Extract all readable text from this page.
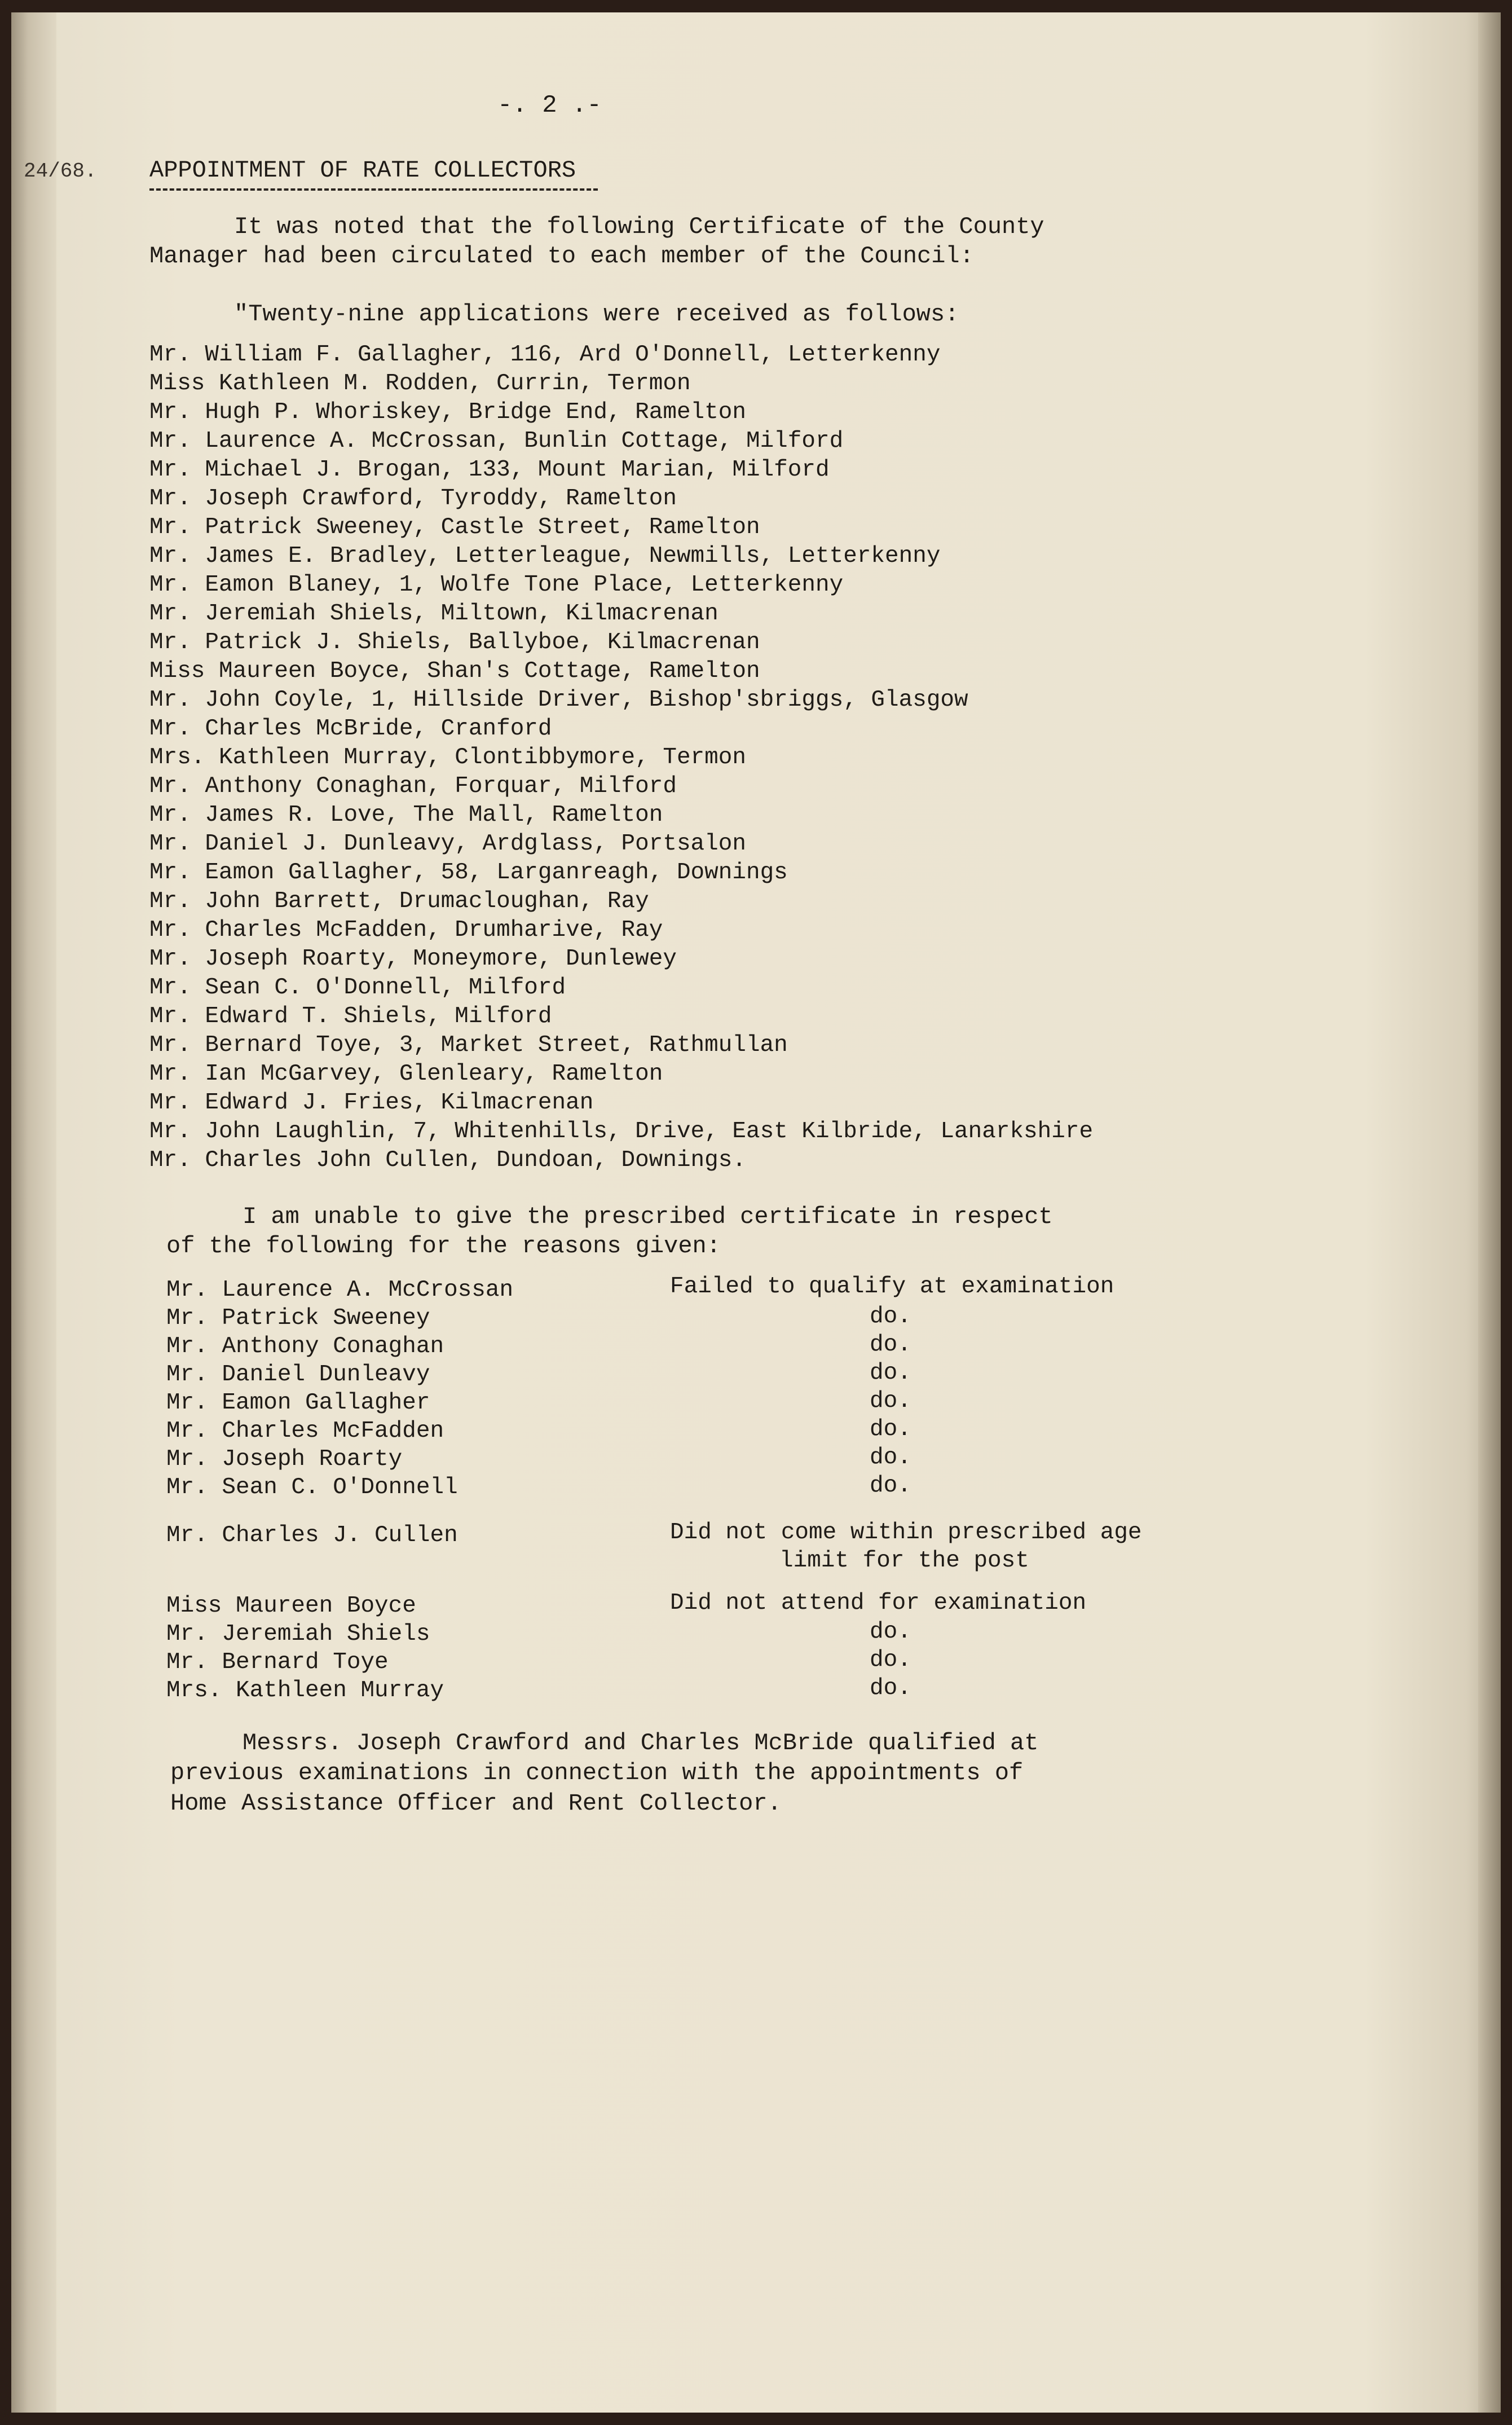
-. 2 .-
24/68. APPOINTMENT OF RATE COLLECTORS
It was noted that the following Certificate of the County
Manager had been circulated to each member of the Council:
"Twenty-nine applications were received as follows:
Mr. William F. Gallagher, 116, Ard O'Donnell, Letterkenny
Miss Kathleen M. Rodden, Currin, Termon
Mr. Hugh P. Whoriskey, Bridge End, Ramelton
Mr. Laurence A. McCrossan, Bunlin Cottage, Milford
Mr. Michael J. Brogan, 133, Mount Marian, Milford
Mr. Joseph Crawford, Tyroddy, Ramelton
Mr. Patrick Sweeney, Castle Street, Ramelton
Mr. James E. Bradley, Letterleague, Newmills, Letterkenny
Mr. Eamon Blaney, 1, Wolfe Tone Place, Letterkenny
Mr. Jeremiah Shiels, Miltown, Kilmacrenan
Mr. Patrick J. Shiels, Ballyboe, Kilmacrenan
Miss Maureen Boyce, Shan's Cottage, Ramelton
Mr. John Coyle, 1, Hillside Driver, Bishop'sbriggs, Glasgow
Mr. Charles McBride, Cranford
Mrs. Kathleen Murray, Clontibbymore, Termon
Mr. Anthony Conaghan, Forquar, Milford
Mr. James R. Love, The Mall, Ramelton
Mr. Daniel J. Dunleavy, Ardglass, Portsalon
Mr. Eamon Gallagher, 58, Larganreagh, Downings
Mr. John Barrett, Drumacloughan, Ray
Mr. Charles McFadden, Drumharive, Ray
Mr. Joseph Roarty, Moneymore, Dunlewey
Mr. Sean C. O'Donnell, Milford
Mr. Edward T. Shiels, Milford
Mr. Bernard Toye, 3, Market Street, Rathmullan
Mr. Ian McGarvey, Glenleary, Ramelton
Mr. Edward J. Fries, Kilmacrenan
Mr. John Laughlin, 7, Whitenhills, Drive, East Kilbride, Lanarkshire
Mr. Charles John Cullen, Dundoan, Downings.
I am unable to give the prescribed certificate in respect
of the following for the reasons given:
Mr. Laurence A. McCrossan	Failed to qualify at examination
Mr. Patrick Sweeney	do.
Mr. Anthony Conaghan	do.
Mr. Daniel Dunleavy	do.
Mr. Eamon Gallagher	do.
Mr. Charles McFadden	do.
Mr. Joseph Roarty	do.
Mr. Sean C. O'Donnell	do.
Mr. Charles J. Cullen	Did not come within prescribed age
limit for the post
Miss Maureen Boyce	Did not attend for examination
Mr. Jeremiah Shiels	do.
Mr. Bernard Toye	do.
Mrs. Kathleen Murray	do.
Messrs. Joseph Crawford and Charles McBride qualified at
previous examinations in connection with the appointments of
Home Assistance Officer and Rent Collector.
